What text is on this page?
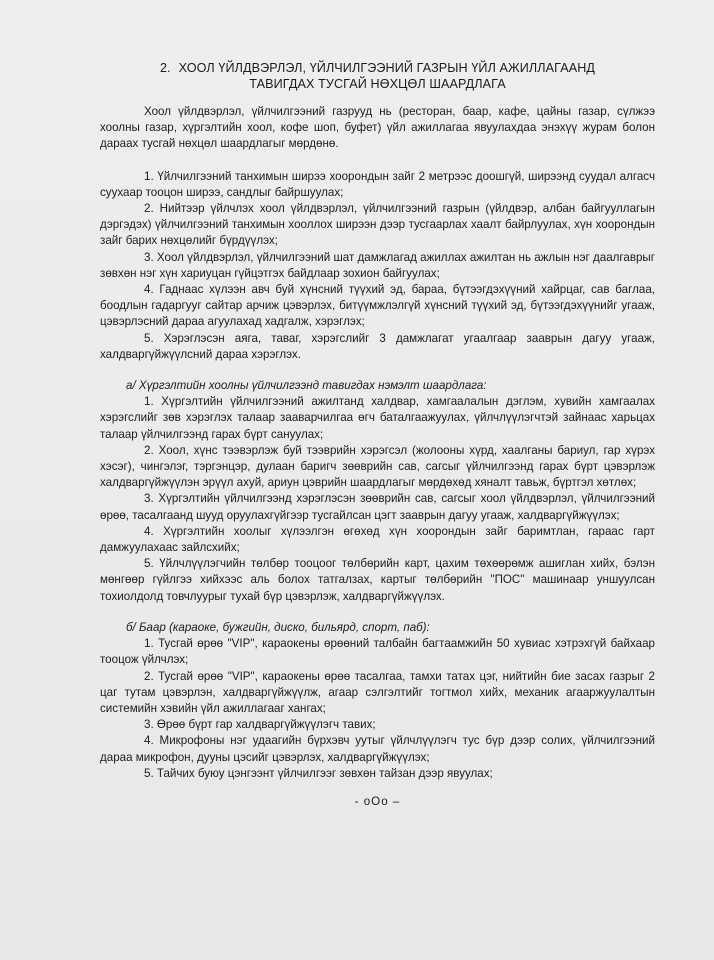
2. ХООЛ ҮЙЛДВЭРЛЭЛ, ҮЙЛЧИЛГЭЭНИЙ ГАЗРЫН ҮЙЛ АЖИЛЛАГААНД
ТАВИГДАХ ТУСГАЙ НӨХЦӨЛ ШААРДЛАГА

Хоол үйлдвэрлэл, үйлчилгээний газрууд нь (ресторан, баар, кафе, цайны газар, сүлжээ хоолны газар, хүргэлтийн хоол, кофе шоп, буфет) үйл ажиллагаа явуулахдаа энэхүү журам болон дараах тусгай нөхцөл шаардлагыг мөрдөнө.

1. Үйлчилгээний танхимын ширээ хоорондын зайг 2 метрээс доошгүй, ширээнд суудал алгасч суухаар тооцон ширээ, сандлыг байршуулах;

2. Нийтээр үйлчлэх хоол үйлдвэрлэл, үйлчилгээний газрын (үйлдвэр, албан байгууллагын дэргэдэх) үйлчилгээний танхимын хооллох ширээн дээр тусгаарлах хаалт байрлуулах, хүн хоорондын зайг барих нөхцөлийг бүрдүүлэх;

3. Хоол үйлдвэрлэл, үйлчилгээний шат дамжлагад ажиллах ажилтан нь ажлын нэг даалгаврыг зөвхөн нэг хүн хариуцан гүйцэтгэх байдлаар зохион байгуулах;

4. Гаднаас хүлээн авч буй хүнсний түүхий эд, бараа, бүтээгдэхүүний хайрцаг, сав баглаа, боодлын гадаргууг сайтар арчиж цэвэрлэх, битүүмжлэлгүй хүнсний түүхий эд, бүтээгдэхүүнийг угааж, цэвэрлэсний дараа агуулахад хадгалж, хэрэглэх;

5. Хэрэглэсэн аяга, таваг, хэрэгслийг 3 дамжлагат угаалгаар зааврын дагуу угааж, халдваргүйжүүлсний дараа хэрэглэх.

а/ Хүргэлтийн хоолны үйлчилгээнд тавигдах нэмэлт шаардлага:

1. Хүргэлтийн үйлчилгээний ажилтанд халдвар, хамгаалалын дэглэм, хувийн хамгаалах хэрэгслийг зөв хэрэглэх талаар зааварчилгаа өгч баталгаажуулах, үйлчлүүлэгчтэй зайнаас харьцах талаар үйлчилгээнд гарах бүрт сануулах;

2. Хоол, хүнс тээвэрлэж буй тээврийн хэрэгсэл (жолооны хүрд, хаалганы бариул, гар хүрэх хэсэг), чингэлэг, тэргэнцэр, дулаан баригч зөөврийн сав, сагсыг үйлчилгээнд гарах бүрт цэвэрлэж халдваргүйжүүлэн эрүүл ахуй, ариун цэврийн шаардлагыг мөрдөхөд хяналт тавьж, бүртгэл хөтлөх;

3. Хүргэлтийн үйлчилгээнд хэрэглэсэн зөөврийн сав, сагсыг хоол үйлдвэрлэл, үйлчилгээний өрөө, тасалгаанд шууд оруулахгүйгээр тусгайлсан цэгт зааврын дагуу угааж, халдваргүйжүүлэх;

4. Хүргэлтийн хоолыг хүлээлгэн өгөхөд хүн хоорондын зайг баримтлан, гараас гарт дамжуулахаас зайлсхийх;

5. Үйлчлүүлэгчийн төлбөр тооцоог төлбөрийн карт, цахим төхөөрөмж ашиглан хийх, бэлэн мөнгөөр гүйлгээ хийхээс аль болох татгалзах, картыг төлбөрийн "ПОС" машинаар уншуулсан тохиолдолд товчлуурыг тухай бүр цэвэрлэж, халдваргүйжүүлэх.

б/ Баар (караоке, бужгийн, диско, бильярд, спорт, паб):

1. Тусгай өрөө "VIP", караокены өрөөний талбайн багтаамжийн 50 хувиас хэтрэхгүй байхаар тооцож үйлчлэх;

2. Тусгай өрөө "VIP", караокены өрөө тасалгаа, тамхи татах цэг, нийтийн бие засах газрыг 2 цаг тутам цэвэрлэн, халдваргүйжүүлж, агаар сэлгэлтийг тогтмол хийх, механик агааржуулалтын системийн хэвийн үйл ажиллагааг хангах;

3. Өрөө бүрт гар халдваргүйжүүлэгч тавих;

4. Микрофоны нэг удаагийн бүрхэвч уутыг үйлчлүүлэгч тус бүр дээр солих, үйлчилгээний дараа микрофон, дууны цэсийг цэвэрлэх, халдваргүйжүүлэх;

5. Тайчих буюу цэнгээнт үйлчилгээг зөвхөн тайзан дээр явуулах;

- oOo –
